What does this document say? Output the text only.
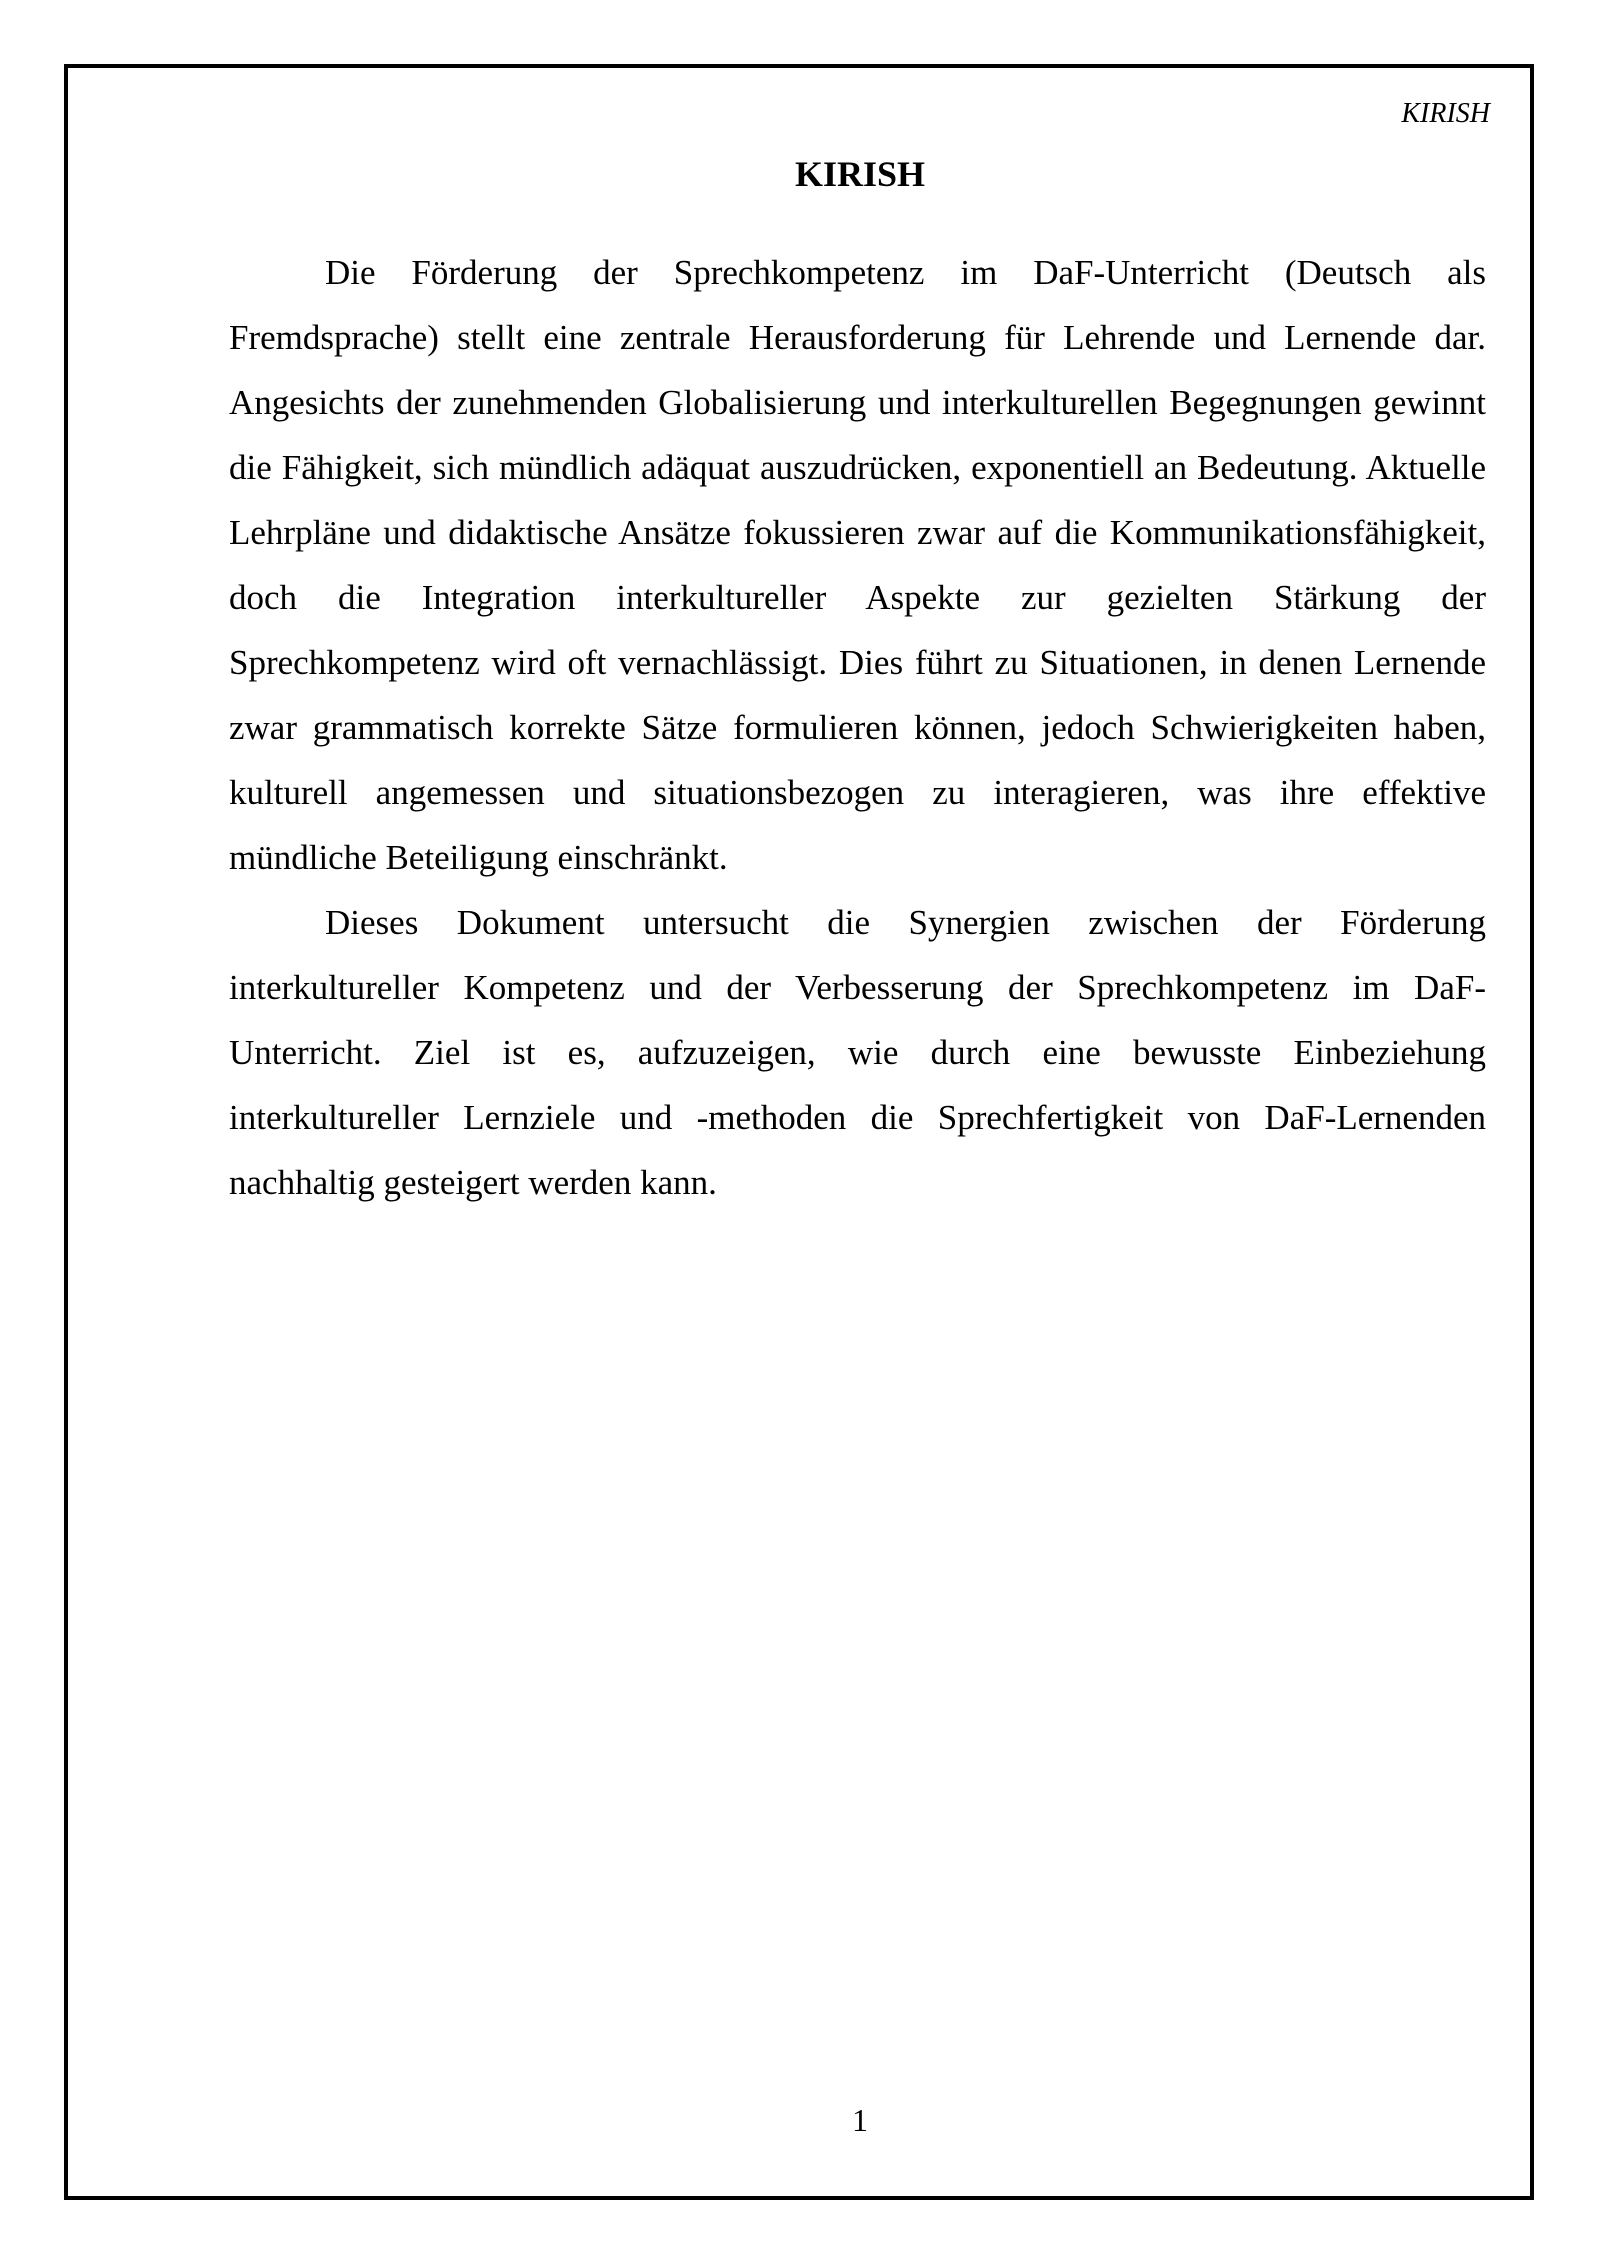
KIRISH
KIRISH

Die Förderung der Sprechkompetenz im DaF-Unterricht (Deutsch als Fremdsprache) stellt eine zentrale Herausforderung für Lehrende und Lernende dar. Angesichts der zunehmenden Globalisierung und interkulturellen Begegnungen gewinnt die Fähigkeit, sich mündlich adäquat auszudrücken, exponentiell an Bedeutung. Aktuelle Lehrpläne und didaktische Ansätze fokussieren zwar auf die Kommunikationsfähigkeit, doch die Integration interkultureller Aspekte zur gezielten Stärkung der Sprechkompetenz wird oft vernachlässigt. Dies führt zu Situationen, in denen Lernende zwar grammatisch korrekte Sätze formulieren können, jedoch Schwierigkeiten haben, kulturell angemessen und situationsbezogen zu interagieren, was ihre effektive mündliche Beteiligung einschränkt.

Dieses Dokument untersucht die Synergien zwischen der Förderung interkultureller Kompetenz und der Verbesserung der Sprechkompetenz im DaF-Unterricht. Ziel ist es, aufzuzeigen, wie durch eine bewusste Einbeziehung interkultureller Lernziele und -methoden die Sprechfertigkeit von DaF-Lernenden nachhaltig gesteigert werden kann.

1
